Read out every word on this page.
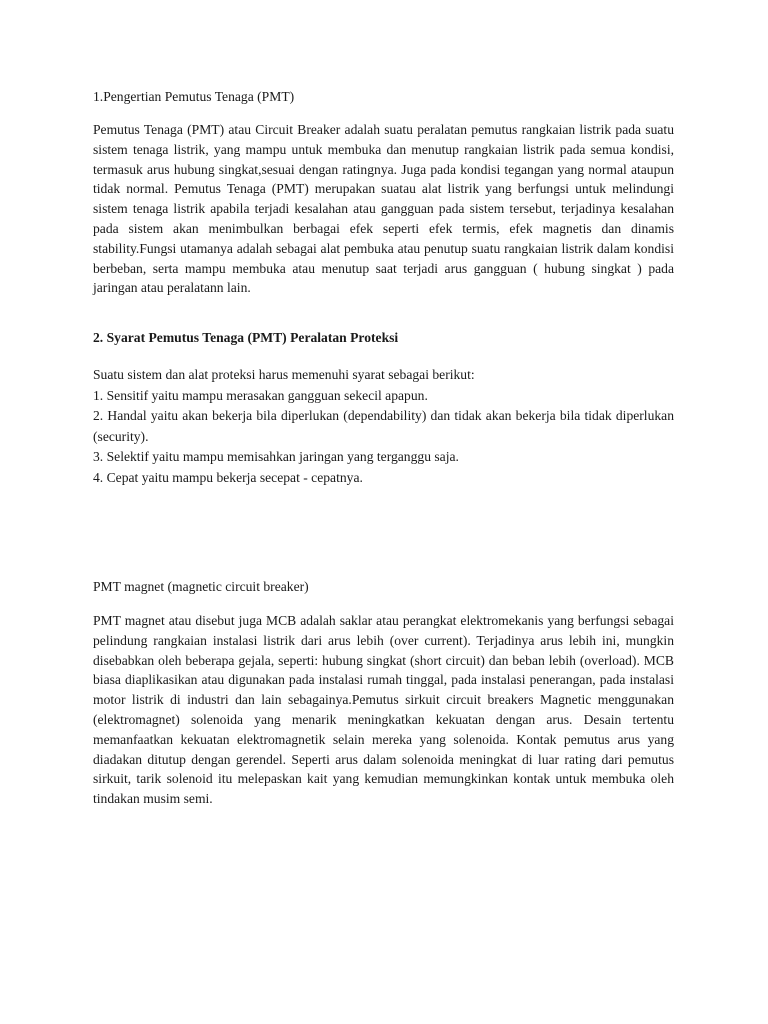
1.Pengertian Pemutus Tenaga (PMT)

Pemutus Tenaga (PMT) atau Circuit Breaker adalah suatu peralatan pemutus rangkaian listrik pada suatu sistem tenaga listrik, yang mampu untuk membuka dan menutup rangkaian listrik pada semua kondisi, termasuk arus hubung singkat,sesuai dengan ratingnya. Juga pada kondisi tegangan yang normal ataupun tidak normal. Pemutus Tenaga (PMT) merupakan suatau alat listrik yang berfungsi untuk melindungi sistem tenaga listrik apabila terjadi kesalahan atau gangguan pada sistem tersebut, terjadinya kesalahan pada sistem akan menimbulkan berbagai efek seperti efek termis, efek magnetis dan dinamis stability.Fungsi utamanya adalah sebagai alat pembuka atau penutup suatu rangkaian listrik dalam kondisi berbeban, serta mampu membuka atau menutup saat terjadi arus gangguan ( hubung singkat ) pada jaringan atau peralatann lain.

2. Syarat Pemutus Tenaga (PMT) Peralatan Proteksi
Suatu sistem dan alat proteksi harus memenuhi syarat sebagai berikut:
1. Sensitif yaitu mampu merasakan gangguan sekecil apapun.
2. Handal yaitu akan bekerja bila diperlukan (dependability) dan tidak akan bekerja bila tidak diperlukan (security).
3. Selektif yaitu mampu memisahkan jaringan yang terganggu saja.
4. Cepat yaitu mampu bekerja secepat - cepatnya.
PMT magnet (magnetic circuit breaker)

PMT magnet atau disebut juga MCB adalah saklar atau perangkat elektromekanis yang berfungsi sebagai pelindung rangkaian instalasi listrik dari arus lebih (over current). Terjadinya arus lebih ini, mungkin disebabkan oleh beberapa gejala, seperti: hubung singkat (short circuit) dan beban lebih (overload). MCB biasa diaplikasikan atau digunakan pada instalasi rumah tinggal, pada instalasi penerangan, pada instalasi motor listrik di industri dan lain sebagainya.Pemutus sirkuit circuit breakers Magnetic menggunakan (elektromagnet) solenoida yang menarik meningkatkan kekuatan dengan arus. Desain tertentu memanfaatkan kekuatan elektromagnetik selain mereka yang solenoida. Kontak pemutus arus yang diadakan ditutup dengan gerendel. Seperti arus dalam solenoida meningkat di luar rating dari pemutus sirkuit, tarik solenoid itu melepaskan kait yang kemudian memungkinkan kontak untuk membuka oleh tindakan musim semi.
